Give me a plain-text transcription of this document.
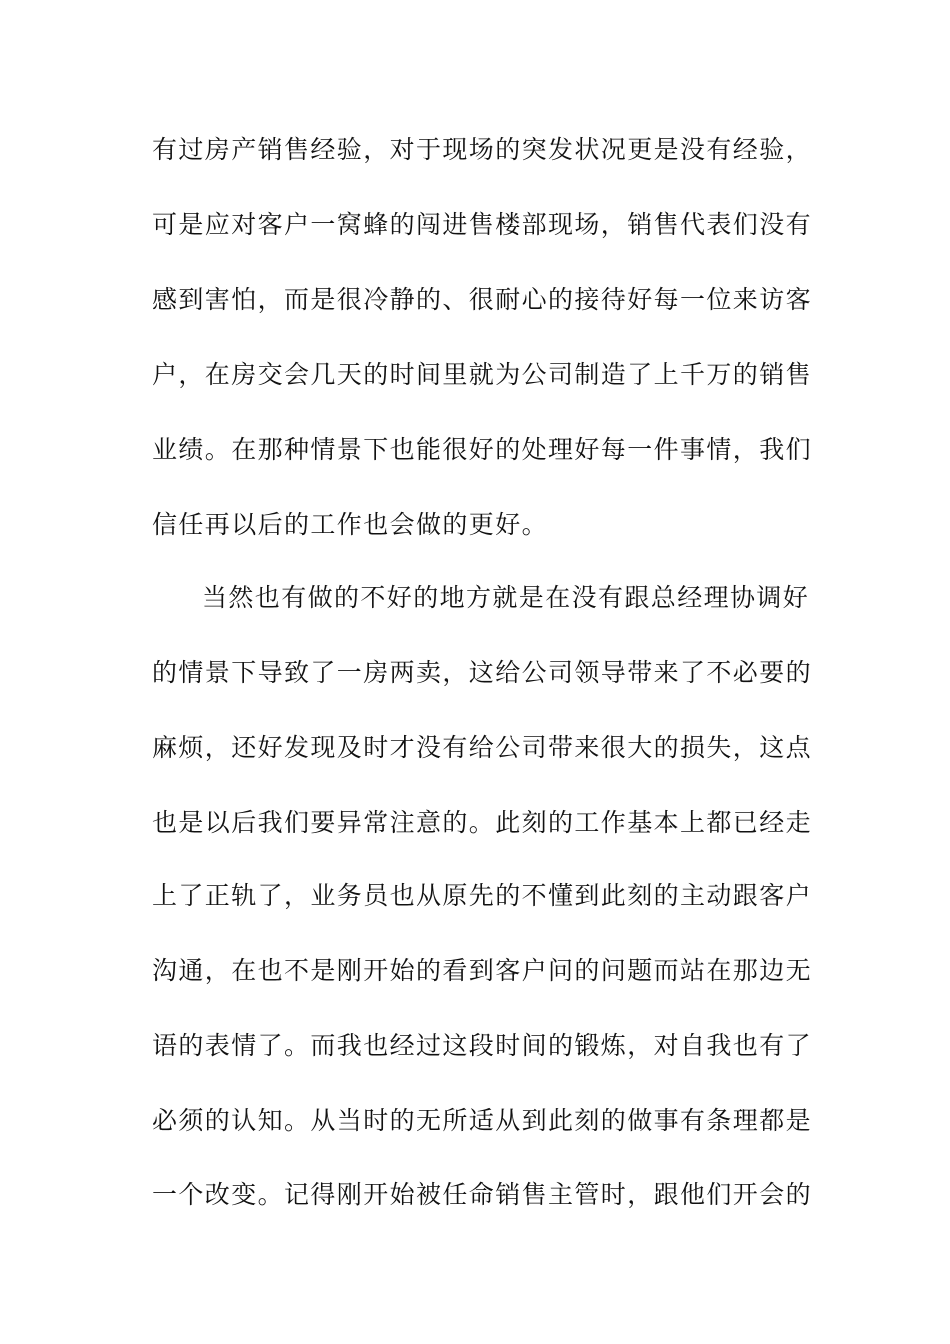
有过房产销售经验，对于现场的突发状况更是没有经验，
可是应对客户一窝蜂的闯进售楼部现场，销售代表们没有
感到害怕，而是很冷静的、很耐心的接待好每一位来访客
户，在房交会几天的时间里就为公司制造了上千万的销售
业绩。在那种情景下也能很好的处理好每一件事情，我们
信任再以后的工作也会做的更好。
当然也有做的不好的地方就是在没有跟总经理协调好
的情景下导致了一房两卖，这给公司领导带来了不必要的
麻烦，还好发现及时才没有给公司带来很大的损失，这点
也是以后我们要异常注意的。此刻的工作基本上都已经走
上了正轨了，业务员也从原先的不懂到此刻的主动跟客户
沟通，在也不是刚开始的看到客户问的问题而站在那边无
语的表情了。而我也经过这段时间的锻炼，对自我也有了
必须的认知。从当时的无所适从到此刻的做事有条理都是
一个改变。记得刚开始被任命销售主管时，跟他们开会的
